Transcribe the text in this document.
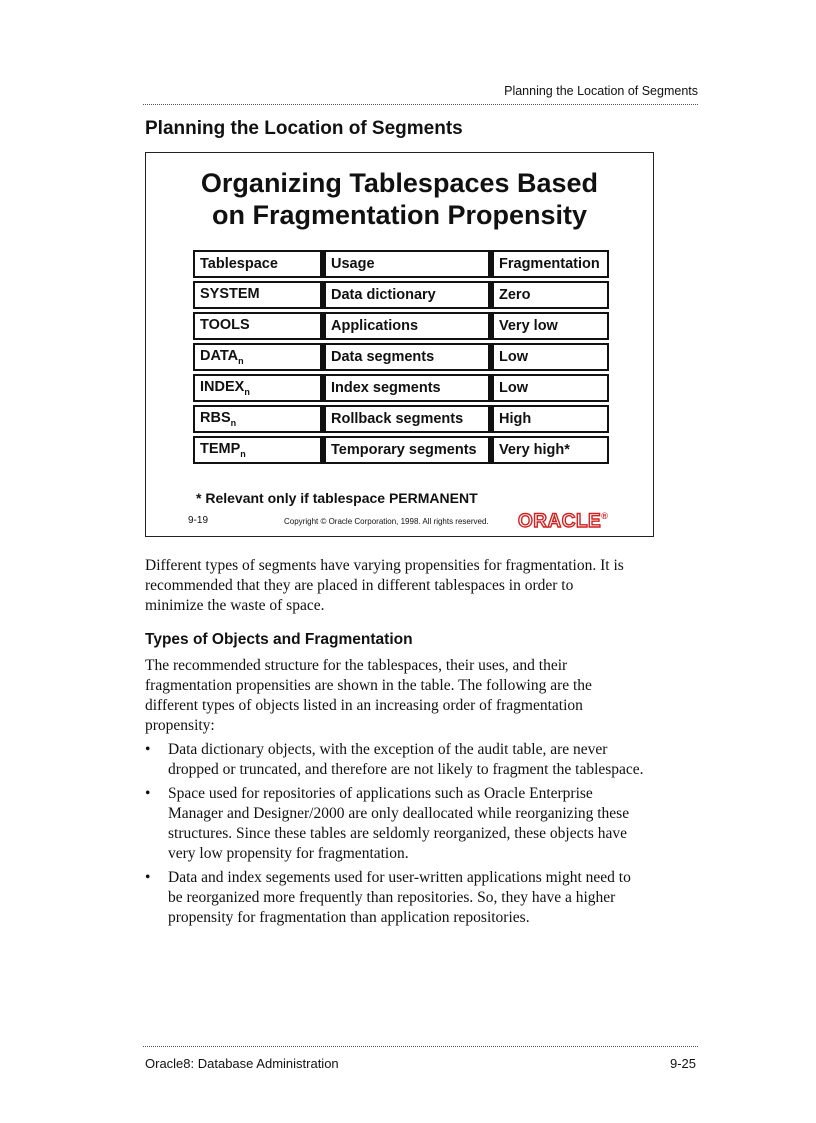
Planning the Location of Segments
Planning the Location of Segments
Organizing Tablespaces Based
on Fragmentation Propensity
Tablespace	Usage	Fragmentation
SYSTEM	Data dictionary	Zero
TOOLS	Applications	Very low
$DATA_n$	Data segments	Low
$INDEX_n$	Index segments	Low
$RBS_n$	Rollback segments	High
$TEMP_n$	Temporary segments	Very high*
* Relevant only if tablespace PERMANENT
9-19	Copyright © Oracle Corporation, 1998. All rights reserved. ORACLE®
Different types of segments have varying propensities for fragmentation. It is recommended that they are placed in different tablespaces in order to minimize the waste of space.
Types of Objects and Fragmentation
The recommended structure for the tablespaces, their uses, and their fragmentation propensities are shown in the table. The following are the different types of objects listed in an increasing order of fragmentation propensity:
• Data dictionary objects, with the exception of the audit table, are never dropped or truncated, and therefore are not likely to fragment the tablespace.
• Space used for repositories of applications such as Oracle Enterprise Manager and Designer/2000 are only deallocated while reorganizing these structures. Since these tables are seldomly reorganized, these objects have very low propensity for fragmentation.
• Data and index segements used for user-written applications might need to be reorganized more frequently than repositories. So, they have a higher propensity for fragmentation than application repositories.
Oracle8: Database Administration	9-25
